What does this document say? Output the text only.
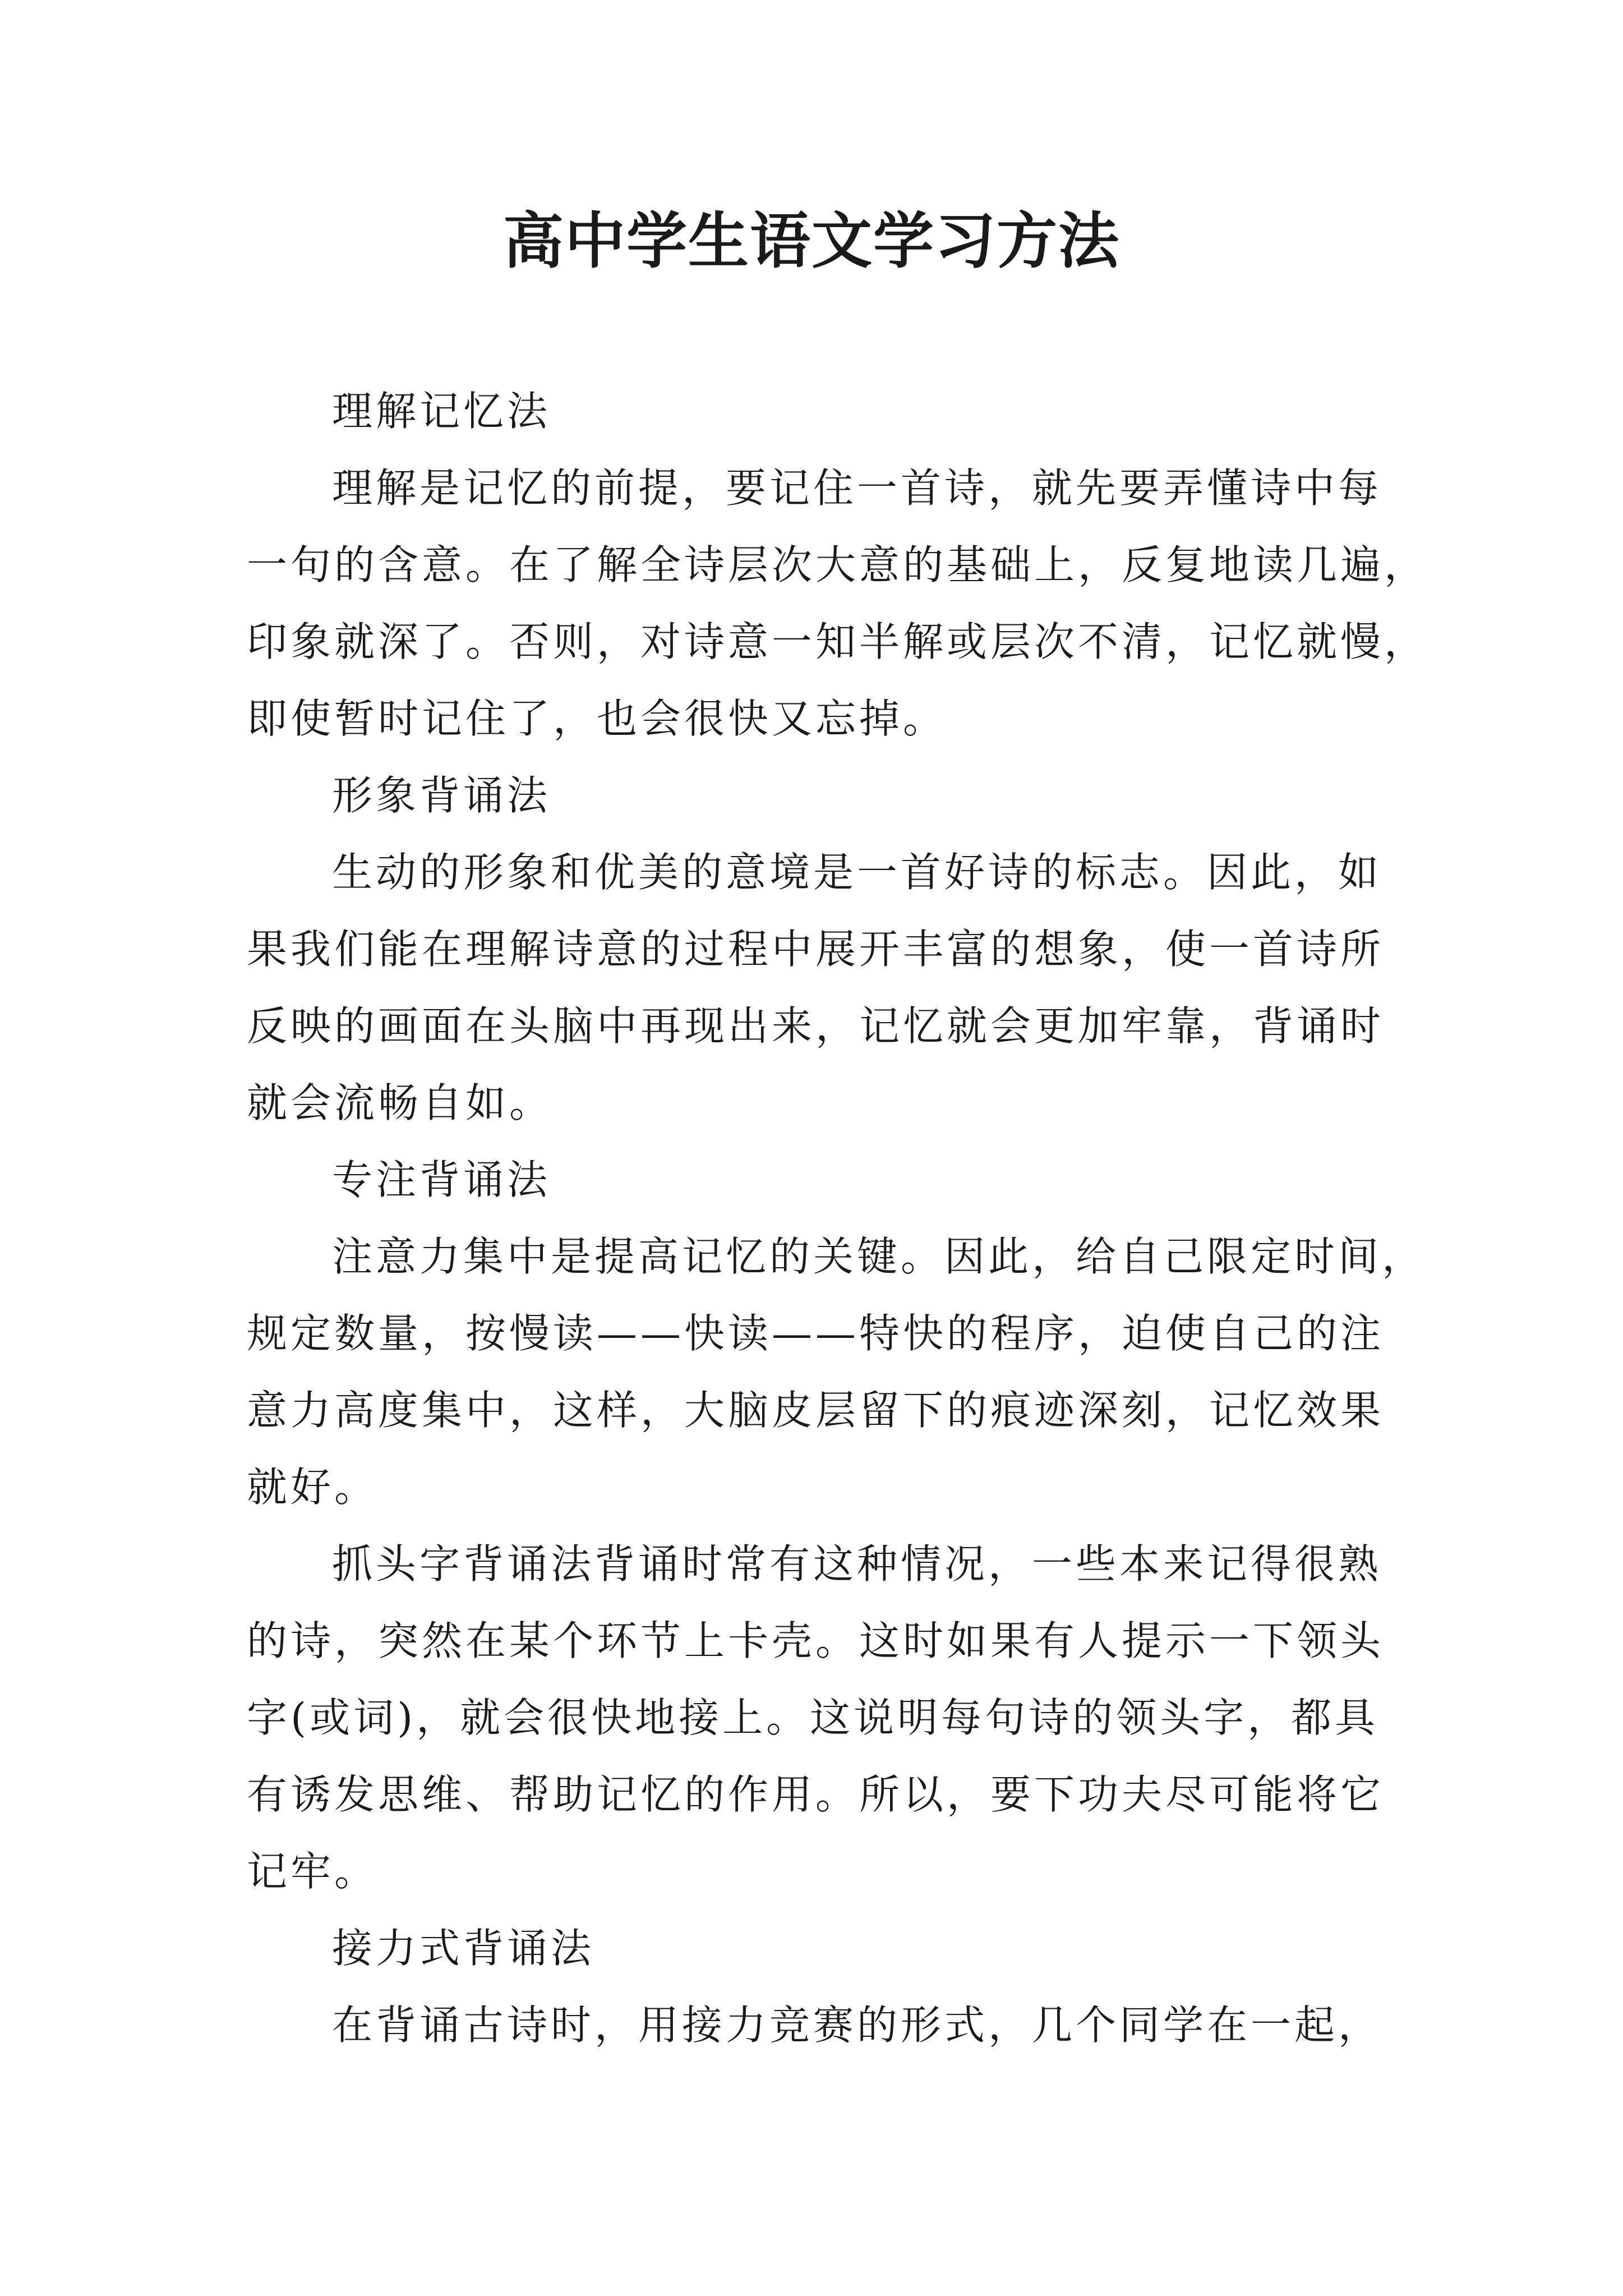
高中学生语文学习方法
理解记忆法
理解是记忆的前提，要记住一首诗，就先要弄懂诗中每
一句的含意。在了解全诗层次大意的基础上，反复地读几遍，
印象就深了。否则，对诗意一知半解或层次不清，记忆就慢，
即使暂时记住了，也会很快又忘掉。
形象背诵法
生动的形象和优美的意境是一首好诗的标志。因此，如
果我们能在理解诗意的过程中展开丰富的想象，使一首诗所
反映的画面在头脑中再现出来，记忆就会更加牢靠，背诵时
就会流畅自如。
专注背诵法
注意力集中是提高记忆的关键。因此，给自己限定时间，
规定数量，按慢读——快读——特快的程序，迫使自己的注
意力高度集中，这样，大脑皮层留下的痕迹深刻，记忆效果
就好。
抓头字背诵法背诵时常有这种情况，一些本来记得很熟
的诗，突然在某个环节上卡壳。这时如果有人提示一下领头
字(或词)，就会很快地接上。这说明每句诗的领头字，都具
有诱发思维、帮助记忆的作用。所以，要下功夫尽可能将它
记牢。
接力式背诵法
在背诵古诗时，用接力竞赛的形式，几个同学在一起，
